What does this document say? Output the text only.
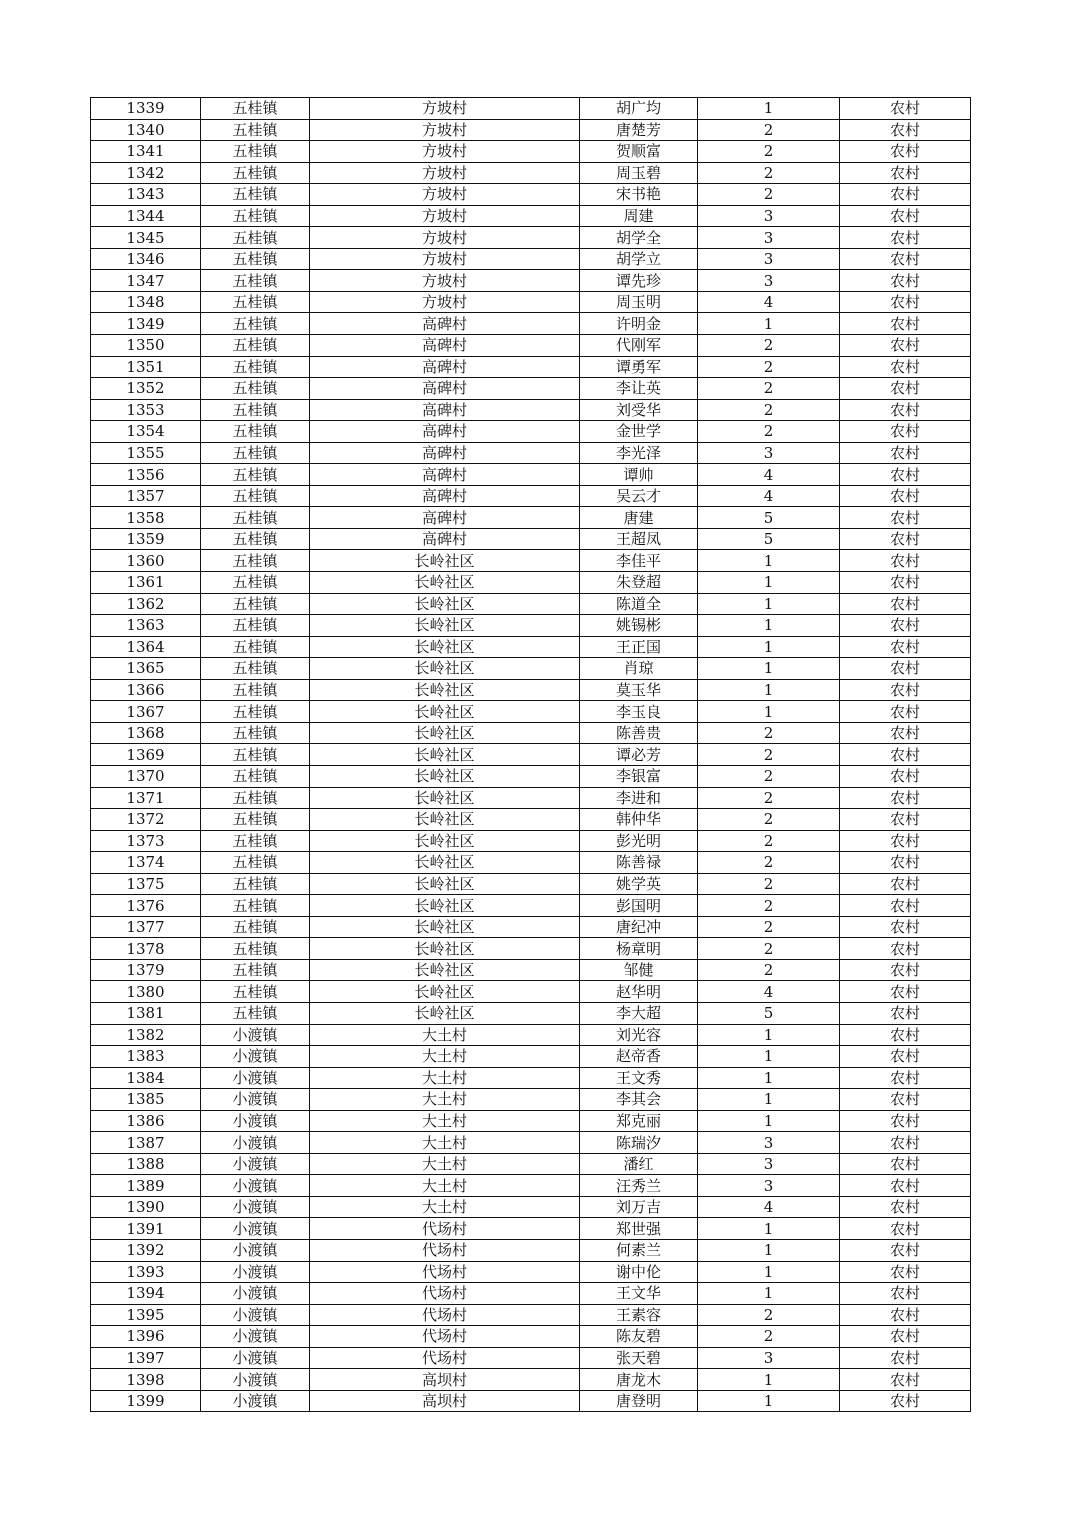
1339	五桂镇	方坡村	胡广均	1	农村
1340	五桂镇	方坡村	唐楚芳	2	农村
1341	五桂镇	方坡村	贺顺富	2	农村
1342	五桂镇	方坡村	周玉碧	2	农村
1343	五桂镇	方坡村	宋书艳	2	农村
1344	五桂镇	方坡村	周建	3	农村
1345	五桂镇	方坡村	胡学全	3	农村
1346	五桂镇	方坡村	胡学立	3	农村
1347	五桂镇	方坡村	谭先珍	3	农村
1348	五桂镇	方坡村	周玉明	4	农村
1349	五桂镇	高碑村	许明金	1	农村
1350	五桂镇	高碑村	代刚军	2	农村
1351	五桂镇	高碑村	谭勇军	2	农村
1352	五桂镇	高碑村	李让英	2	农村
1353	五桂镇	高碑村	刘受华	2	农村
1354	五桂镇	高碑村	金世学	2	农村
1355	五桂镇	高碑村	李光泽	3	农村
1356	五桂镇	高碑村	谭帅	4	农村
1357	五桂镇	高碑村	吴云才	4	农村
1358	五桂镇	高碑村	唐建	5	农村
1359	五桂镇	高碑村	王超凤	5	农村
1360	五桂镇	长岭社区	李佳平	1	农村
1361	五桂镇	长岭社区	朱登超	1	农村
1362	五桂镇	长岭社区	陈道全	1	农村
1363	五桂镇	长岭社区	姚锡彬	1	农村
1364	五桂镇	长岭社区	王正国	1	农村
1365	五桂镇	长岭社区	肖琼	1	农村
1366	五桂镇	长岭社区	莫玉华	1	农村
1367	五桂镇	长岭社区	李玉良	1	农村
1368	五桂镇	长岭社区	陈善贵	2	农村
1369	五桂镇	长岭社区	谭必芳	2	农村
1370	五桂镇	长岭社区	李银富	2	农村
1371	五桂镇	长岭社区	李进和	2	农村
1372	五桂镇	长岭社区	韩仲华	2	农村
1373	五桂镇	长岭社区	彭光明	2	农村
1374	五桂镇	长岭社区	陈善禄	2	农村
1375	五桂镇	长岭社区	姚学英	2	农村
1376	五桂镇	长岭社区	彭国明	2	农村
1377	五桂镇	长岭社区	唐纪冲	2	农村
1378	五桂镇	长岭社区	杨章明	2	农村
1379	五桂镇	长岭社区	邹健	2	农村
1380	五桂镇	长岭社区	赵华明	4	农村
1381	五桂镇	长岭社区	李大超	5	农村
1382	小渡镇	大土村	刘光容	1	农村
1383	小渡镇	大土村	赵帝香	1	农村
1384	小渡镇	大土村	王文秀	1	农村
1385	小渡镇	大土村	李其会	1	农村
1386	小渡镇	大土村	郑克丽	1	农村
1387	小渡镇	大土村	陈瑞汐	3	农村
1388	小渡镇	大土村	潘红	3	农村
1389	小渡镇	大土村	汪秀兰	3	农村
1390	小渡镇	大土村	刘万吉	4	农村
1391	小渡镇	代场村	郑世强	1	农村
1392	小渡镇	代场村	何素兰	1	农村
1393	小渡镇	代场村	谢中伦	1	农村
1394	小渡镇	代场村	王文华	1	农村
1395	小渡镇	代场村	王素容	2	农村
1396	小渡镇	代场村	陈友碧	2	农村
1397	小渡镇	代场村	张天碧	3	农村
1398	小渡镇	高坝村	唐龙木	1	农村
1399	小渡镇	高坝村	唐登明	1	农村
